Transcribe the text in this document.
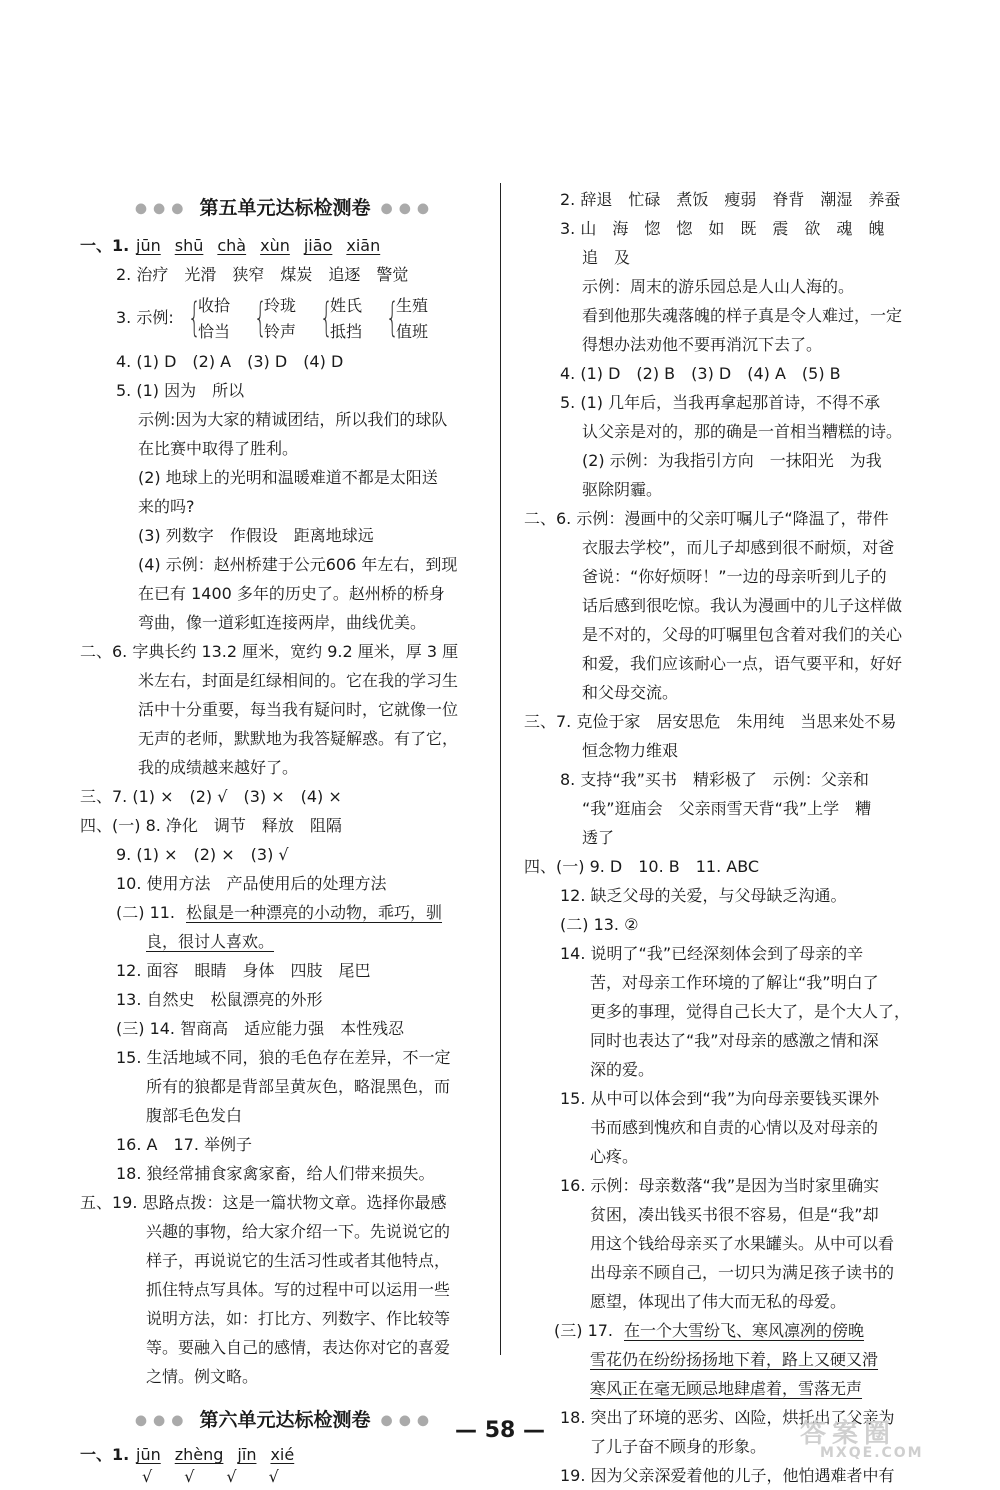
●●● 第五单元达标检测卷 ●●●
一、1. jūn shū chà xùn jiāo xiān
2. 治疗　光滑　狭窄　煤炭　追逐　警觉
3. 示例: {
收拾
恰当 {
玲珑
铃声 {
姓氏
抵挡 {
生殖
值班
4. (1) D　(2) A　(3) D　(4) D
5. (1) 因为　所以
示例:因为大家的精诚团结，所以我们的球队
在比赛中取得了胜利。
(2) 地球上的光明和温暖难道不都是太阳送
来的吗?
(3) 列数字　作假设　距离地球远
(4) 示例：赵州桥建于公元606 年左右，到现
在已有 1400 多年的历史了。赵州桥的桥身
弯曲，像一道彩虹连接两岸，曲线优美。
二、6. 字典长约 13.2 厘米，宽约 9.2 厘米，厚 3 厘
米左右，封面是红绿相间的。它在我的学习生
活中十分重要，每当我有疑问时，它就像一位
无声的老师，默默地为我答疑解惑。有了它，
我的成绩越来越好了。
三、7. (1) ×　(2) √　(3) ×　(4) ×
四、(一) 8. 净化　调节　释放　阻隔
9. (1) ×　(2) ×　(3) √
10. 使用方法　产品使用后的处理方法
(二) 11. 松鼠是一种漂亮的小动物，乖巧，驯
良，很讨人喜欢。
12. 面容　眼睛　身体　四肢　尾巴
13. 自然史　松鼠漂亮的外形
(三) 14. 智商高　适应能力强　本性残忍
15. 生活地域不同，狼的毛色存在差异，不一定
所有的狼都是背部呈黄灰色，略混黑色，而
腹部毛色发白
16. A　17. 举例子
18. 狼经常捕食家禽家畜，给人们带来损失。
五、19. 思路点拨：这是一篇状物文章。选择你最感
兴趣的事物，给大家介绍一下。先说说它的
样子，再说说它的生活习性或者其他特点，
抓住特点写具体。写的过程中可以运用一些
说明方法，如：打比方、列数字、作比较等
等。要融入自己的感情，表达你对它的喜爱
之情。例文略。
●●● 第六单元达标检测卷 ●●●
一、1. jūn zhèng jīn xié
√ √ √ √
2. 辞退　忙碌　煮饭　瘦弱　脊背　潮湿　养蚕
3. 山　海　惚　惚　如　既　震　欲　魂　魄
追　及
示例：周末的游乐园总是人山人海的。
看到他那失魂落魄的样子真是令人难过，一定
得想办法劝他不要再消沉下去了。
4. (1) D　(2) B　(3) D　(4) A　(5) B
5. (1) 几年后，当我再拿起那首诗，不得不承
认父亲是对的，那的确是一首相当糟糕的诗。
(2) 示例：为我指引方向　一抹阳光　为我
驱除阴霾。
二、6. 示例：漫画中的父亲叮嘱儿子“降温了，带件
衣服去学校”，而儿子却感到很不耐烦，对爸
爸说：“你好烦呀！”一边的母亲听到儿子的
话后感到很吃惊。我认为漫画中的儿子这样做
是不对的，父母的叮嘱里包含着对我们的关心
和爱，我们应该耐心一点，语气要平和，好好
和父母交流。
三、7. 克俭于家　居安思危　朱用纯　当思来处不易
恒念物力维艰
8. 支持“我”买书　精彩极了　示例：父亲和
“我”逛庙会　父亲雨雪天背“我”上学　糟
透了
四、(一) 9. D　10. B　11. ABC
12. 缺乏父母的关爱，与父母缺乏沟通。
(二) 13. ②
14. 说明了“我”已经深刻体会到了母亲的辛
苦，对母亲工作环境的了解让“我”明白了
更多的事理，觉得自己长大了，是个大人了，
同时也表达了“我”对母亲的感激之情和深
深的爱。
15. 从中可以体会到“我”为向母亲要钱买课外
书而感到愧疚和自责的心情以及对母亲的
心疼。
16. 示例：母亲数落“我”是因为当时家里确实
贫困，凑出钱买书很不容易，但是“我”却
用这个钱给母亲买了水果罐头。从中可以看
出母亲不顾自己，一切只为满足孩子读书的
愿望，体现出了伟大而无私的母爱。
(三) 17. 在一个大雪纷飞、寒风凛冽的傍晚
雪花仍在纷纷扬扬地下着，路上又硬又滑
寒风正在毫无顾忌地肆虐着，雪落无声
18. 突出了环境的恶劣、凶险，烘托出了父亲为
了儿子奋不顾身的形象。
19. 因为父亲深爱着他的儿子，他怕遇难者中有
— 58 —	答案圈
MXQE.COM
